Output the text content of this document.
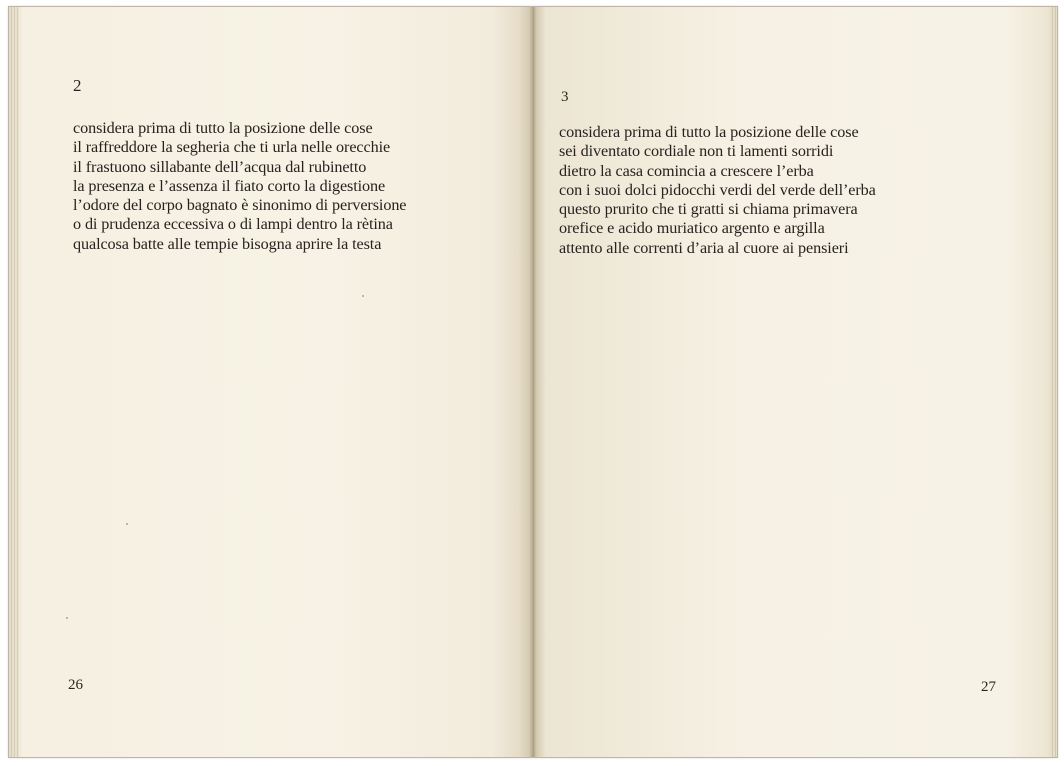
2
considera prima di tutto la posizione delle cose
il raffreddore la segheria che ti urla nelle orecchie
il frastuono sillabante dell’acqua dal rubinetto
la presenza e l’assenza il fiato corto la digestione
l’odore del corpo bagnato è sinonimo di perversione
o di prudenza eccessiva o di lampi dentro la rètina
qualcosa batte alle tempie bisogna aprire la testa
26
3
considera prima di tutto la posizione delle cose
sei diventato cordiale non ti lamenti sorridi
dietro la casa comincia a crescere l’erba
con i suoi dolci pidocchi verdi del verde dell’erba
questo prurito che ti gratti si chiama primavera
orefice e acido muriatico argento e argilla
attento alle correnti d’aria al cuore ai pensieri
27
